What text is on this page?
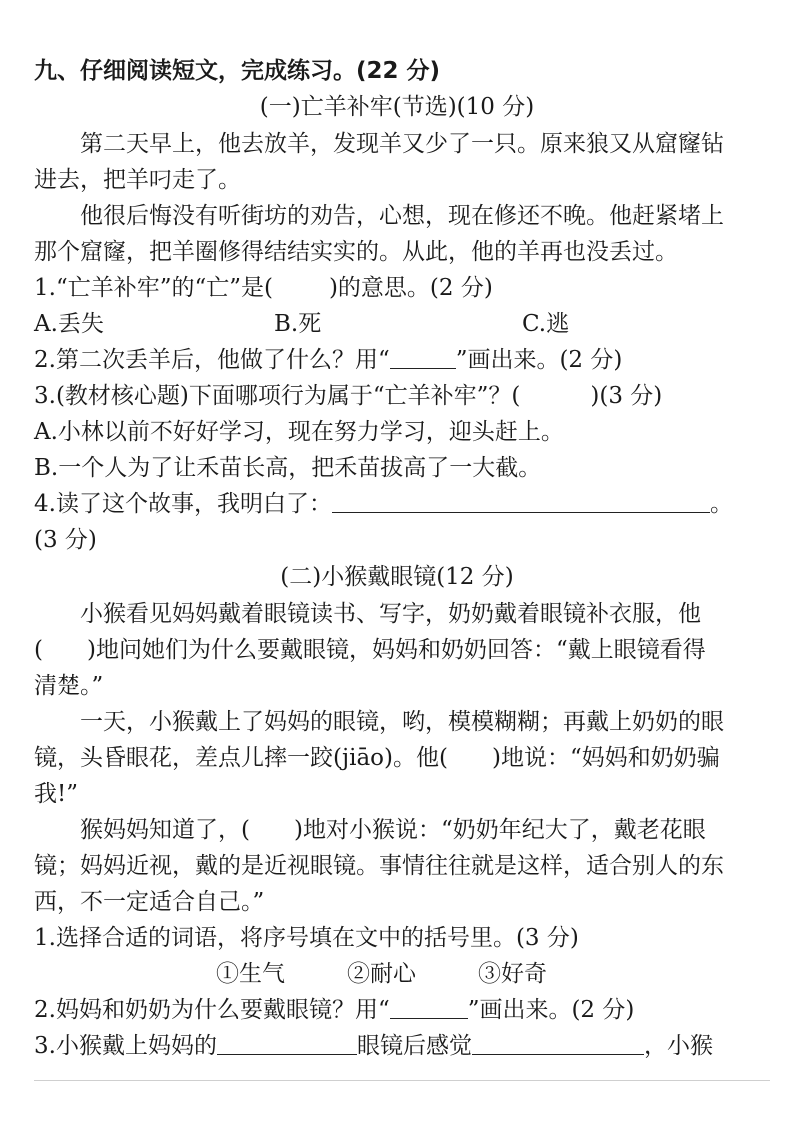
九、仔细阅读短文，完成练习。(22 分)

(一)亡羊补牢(节选)(10 分)

第二天早上，他去放羊，发现羊又少了一只。原来狼又从窟窿钻

进去，把羊叼走了。

他很后悔没有听街坊的劝告，心想，现在修还不晚。他赶紧堵上

那个窟窿，把羊圈修得结结实实的。从此，他的羊再也没丢过。

1.“亡羊补牢”的“亡”是( )的意思。(2 分)

A.丢失	B.死	C.逃

2.第二次丢羊后，他做了什么？用“	”画出来。(2 分)

3.(教材核心题)下面哪项行为属于“亡羊补牢”？(	)(3 分)

A.小林以前不好好学习，现在努力学习，迎头赶上。

B.一个人为了让禾苗长高，把禾苗拔高了一大截。

4.读了这个故事，我明白了：	。

(3 分)

(二)小猴戴眼镜(12 分)

小猴看见妈妈戴着眼镜读书、写字，奶奶戴着眼镜补衣服，他

( )地问她们为什么要戴眼镜，妈妈和奶奶回答：“戴上眼镜看得

清楚。”

一天，小猴戴上了妈妈的眼镜，哟，模模糊糊；再戴上奶奶的眼

镜，头昏眼花，差点儿摔一跤(jiāo)。他( )地说：“妈妈和奶奶骗

我!”

猴妈妈知道了，( )地对小猴说：“奶奶年纪大了，戴老花眼

镜；妈妈近视，戴的是近视眼镜。事情往往就是这样，适合别人的东

西，不一定适合自己。”

1.选择合适的词语，将序号填在文中的括号里。(3 分)

①生气	②耐心	③好奇

2.妈妈和奶奶为什么要戴眼镜？用“	”画出来。(2 分)

3.小猴戴上妈妈的	眼镜后感觉	，小猴
